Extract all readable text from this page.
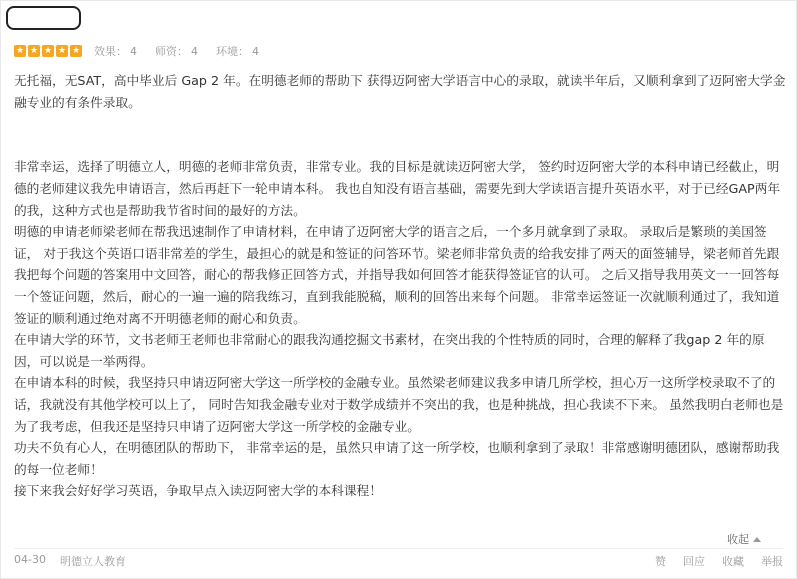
★ ★ ★ ★ ★ 效果： 4 师资： 4 环境： 4

无托福，无SAT，高中毕业后 Gap 2 年。在明德老师的帮助下 获得迈阿密大学语言中心的录取，就读半年后，又顺利拿到了迈阿密大学金融专业的有条件录取。

非常幸运，选择了明德立人，明德的老师非常负责，非常专业。我的目标是就读迈阿密大学， 签约时迈阿密大学的本科申请已经截止，明德的老师建议我先申请语言，然后再赶下一轮申请本科。 我也自知没有语言基础，需要先到大学读语言提升英语水平，对于已经GAP两年的我，这种方式也是帮助我节省时间的最好的方法。

明德的申请老师梁老师在帮我迅速制作了申请材料，在申请了迈阿密大学的语言之后，一个多月就拿到了录取。 录取后是繁琐的美国签证， 对于我这个英语口语非常差的学生，最担心的就是和签证的问答环节。梁老师非常负责的给我安排了两天的面签辅导，梁老师首先跟我把每个问题的答案用中文回答，耐心的帮我修正回答方式，并指导我如何回答才能获得签证官的认可。 之后又指导我用英文一一回答每一个签证问题，然后，耐心的一遍一遍的陪我练习，直到我能脱稿，顺利的回答出来每个问题。 非常幸运签证一次就顺利通过了，我知道签证的顺利通过绝对离不开明德老师的耐心和负责。

在申请大学的环节，文书老师王老师也非常耐心的跟我沟通挖掘文书素材，在突出我的个性特质的同时，合理的解释了我gap 2 年的原因，可以说是一举两得。

在申请本科的时候，我坚持只申请迈阿密大学这一所学校的金融专业。虽然梁老师建议我多申请几所学校，担心万一这所学校录取不了的话，我就没有其他学校可以上了， 同时告知我金融专业对于数学成绩并不突出的我，也是种挑战，担心我读不下来。 虽然我明白老师也是为了我考虑，但我还是坚持只申请了迈阿密大学这一所学校的金融专业。

功夫不负有心人，在明德团队的帮助下， 非常幸运的是，虽然只申请了这一所学校，也顺利拿到了录取！非常感谢明德团队，感谢帮助我的每一位老师！

接下来我会好好学习英语，争取早点入读迈阿密大学的本科课程！

收起
04-30 明德立人教育	赞 回应 收藏 举报
